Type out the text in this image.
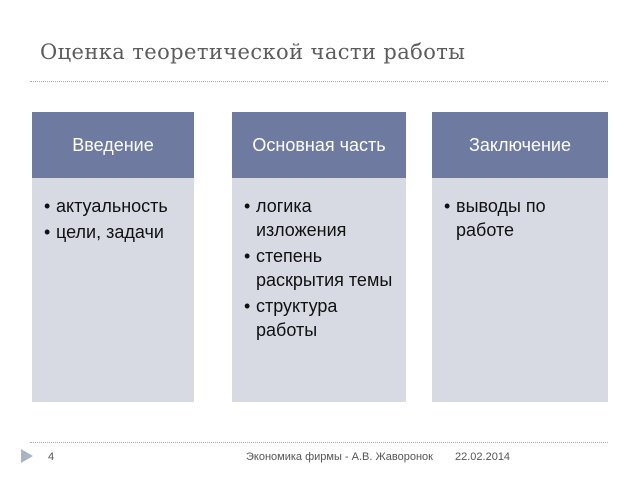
Оценка теоретической части работы
Введение
• актуальность
• цели, задачи
Основная часть
• логика изложения
• степень раскрытия темы
• структура работы
Заключение
• выводы по работе
4	Экономика фирмы - А.В. Жаворонок 22.02.2014
